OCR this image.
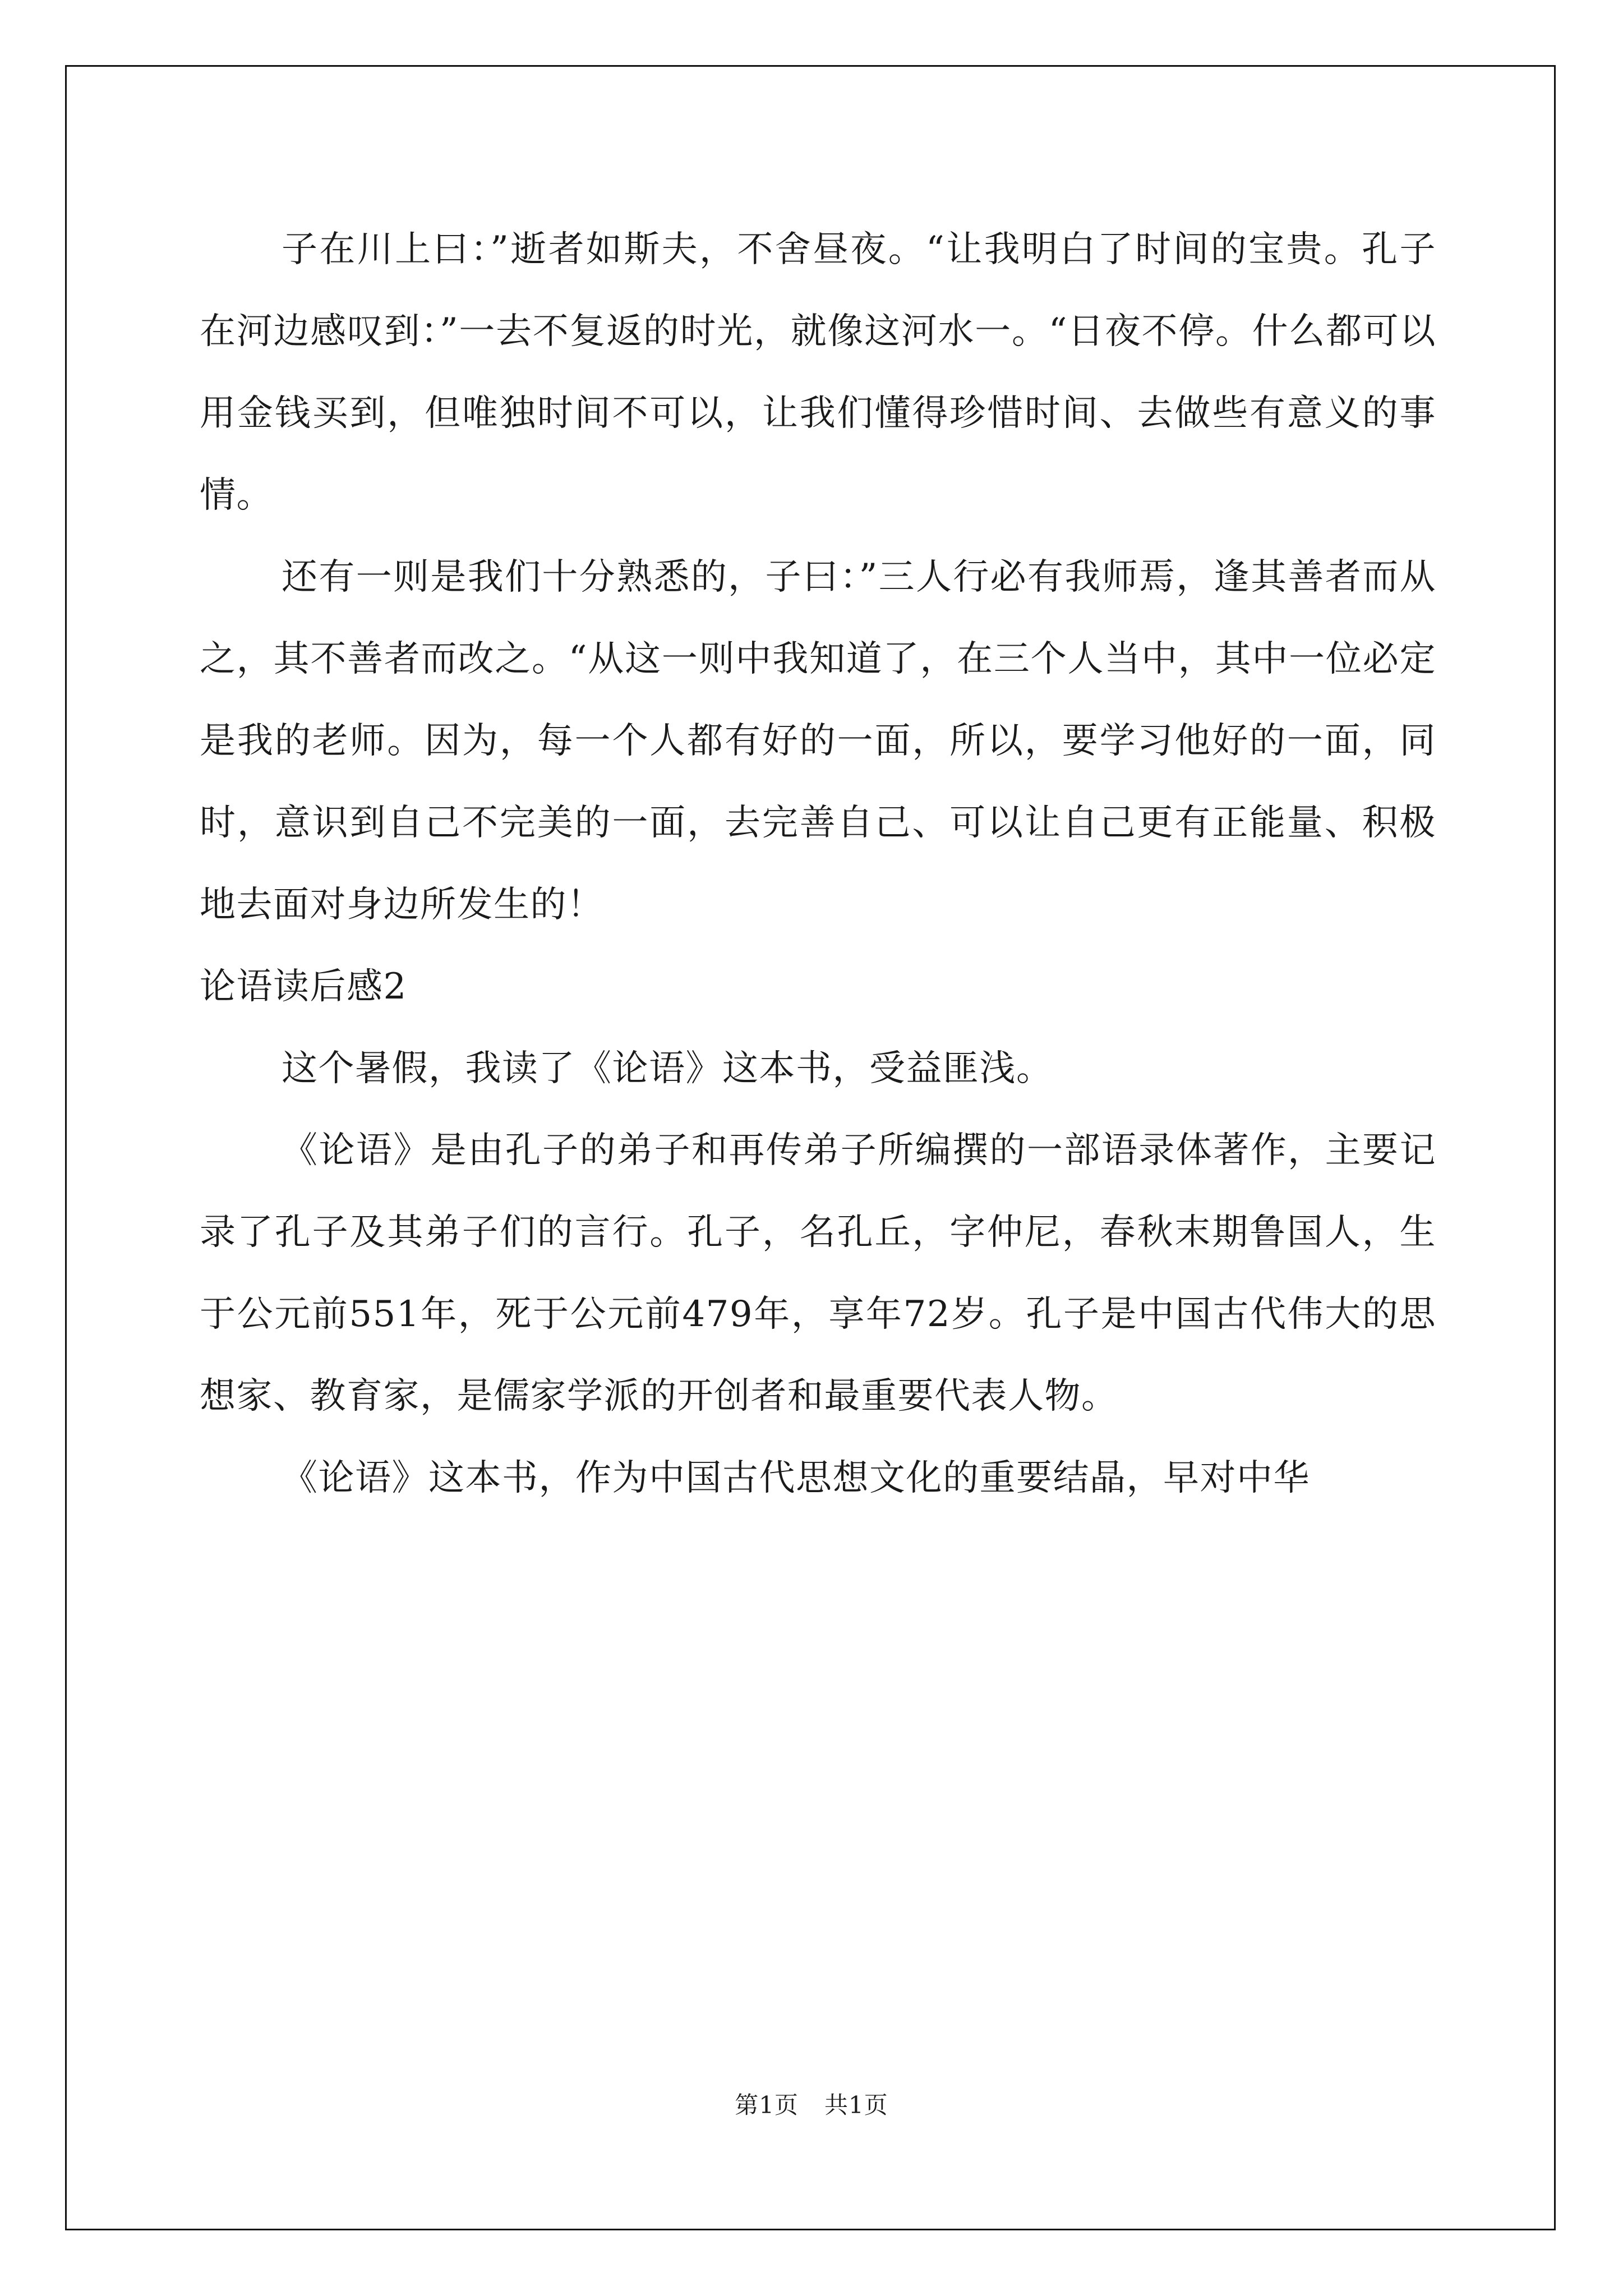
子在川上曰：”逝者如斯夫，不舍昼夜。“让我明白了时间的宝贵。孔子在河边感叹到：”一去不复返的时光，就像这河水一。“日夜不停。什么都可以用金钱买到，但唯独时间不可以，让我们懂得珍惜时间、去做些有意义的事情。

还有一则是我们十分熟悉的，子曰：”三人行必有我师焉，逢其善者而从之，其不善者而改之。“从这一则中我知道了，在三个人当中，其中一位必定是我的老师。因为，每一个人都有好的一面，所以，要学习他好的一面，同时，意识到自己不完美的一面，去完善自己、可以让自己更有正能量、积极地去面对身边所发生的！

论语读后感2

这个暑假，我读了《论语》这本书，受益匪浅。

《论语》是由孔子的弟子和再传弟子所编撰的一部语录体著作，主要记录了孔子及其弟子们的言行。孔子，名孔丘，字仲尼，春秋末期鲁国人，生于公元前551年，死于公元前479年，享年72岁。孔子是中国古代伟大的思想家、教育家，是儒家学派的开创者和最重要代表人物。

《论语》这本书，作为中国古代思想文化的重要结晶，早对中华

第1页 共1页
